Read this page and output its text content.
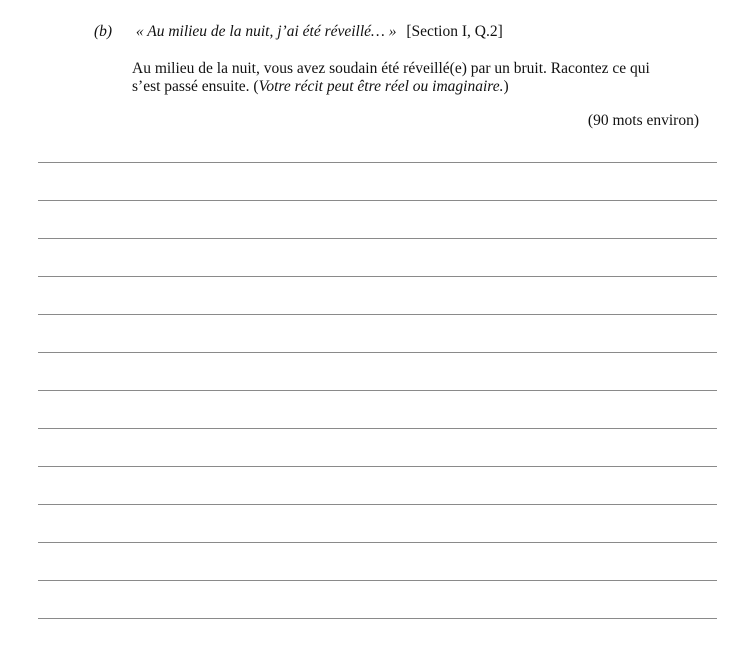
(b) « Au milieu de la nuit, j’ai été réveillé… » [Section I, Q.2]
Au milieu de la nuit, vous avez soudain été réveillé(e) par un bruit. Racontez ce qui
s’est passé ensuite. (Votre récit peut être réel ou imaginaire.)
(90 mots environ)
